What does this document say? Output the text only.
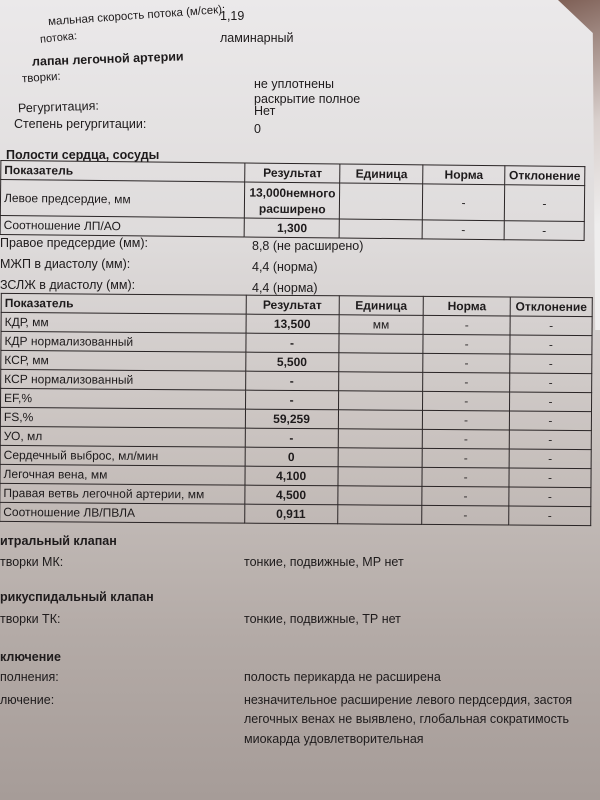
мальная скорость потока (м/сек):
1,19
потока:	ламинарный
лапан легочной артерии
творки:	не уплотнены
раскрытие полное
Регургитация:	Нет
Степень регургитации:	0
Полости сердца, сосуды
Показатель	Результат	Единица	Норма	Отклонение
Левое предсердие, мм	13,000немного расширено		-	-
Соотношение ЛП/АО	1,300		-	-
Правое предсердие (мм):	8,8 (не расширено)
МЖП в диастолу (мм):	4,4 (норма)
ЗСЛЖ в диастолу (мм):	4,4 (норма)
Показатель	Результат	Единица	Норма	Отклонение
КДР, мм	13,500	мм	-	-
КДР нормализованный	-		-	-
КСР, мм	5,500		-	-
КСР нормализованный	-		-	-
EF,%	-		-	-
FS,%	59,259		-	-
УО, мл	-		-	-
Сердечный выброс, мл/мин	0		-	-
Легочная вена, мм	4,100		-	-
Правая ветвь легочной артерии, мм	4,500		-	-
Соотношение ЛВ/ПВЛА	0,911		-	-
итральный клапан
творки МК:	тонкие, подвижные, МР нет
рикуспидальный клапан
творки ТК:	тонкие, подвижные, ТР нет
ключение
полнения:	полость перикарда не расширена
лючение:	незначительное расширение левого пердсердия, застоя
легочных венах не выявлено, глобальная сократимость
миокарда удовлетворительная
